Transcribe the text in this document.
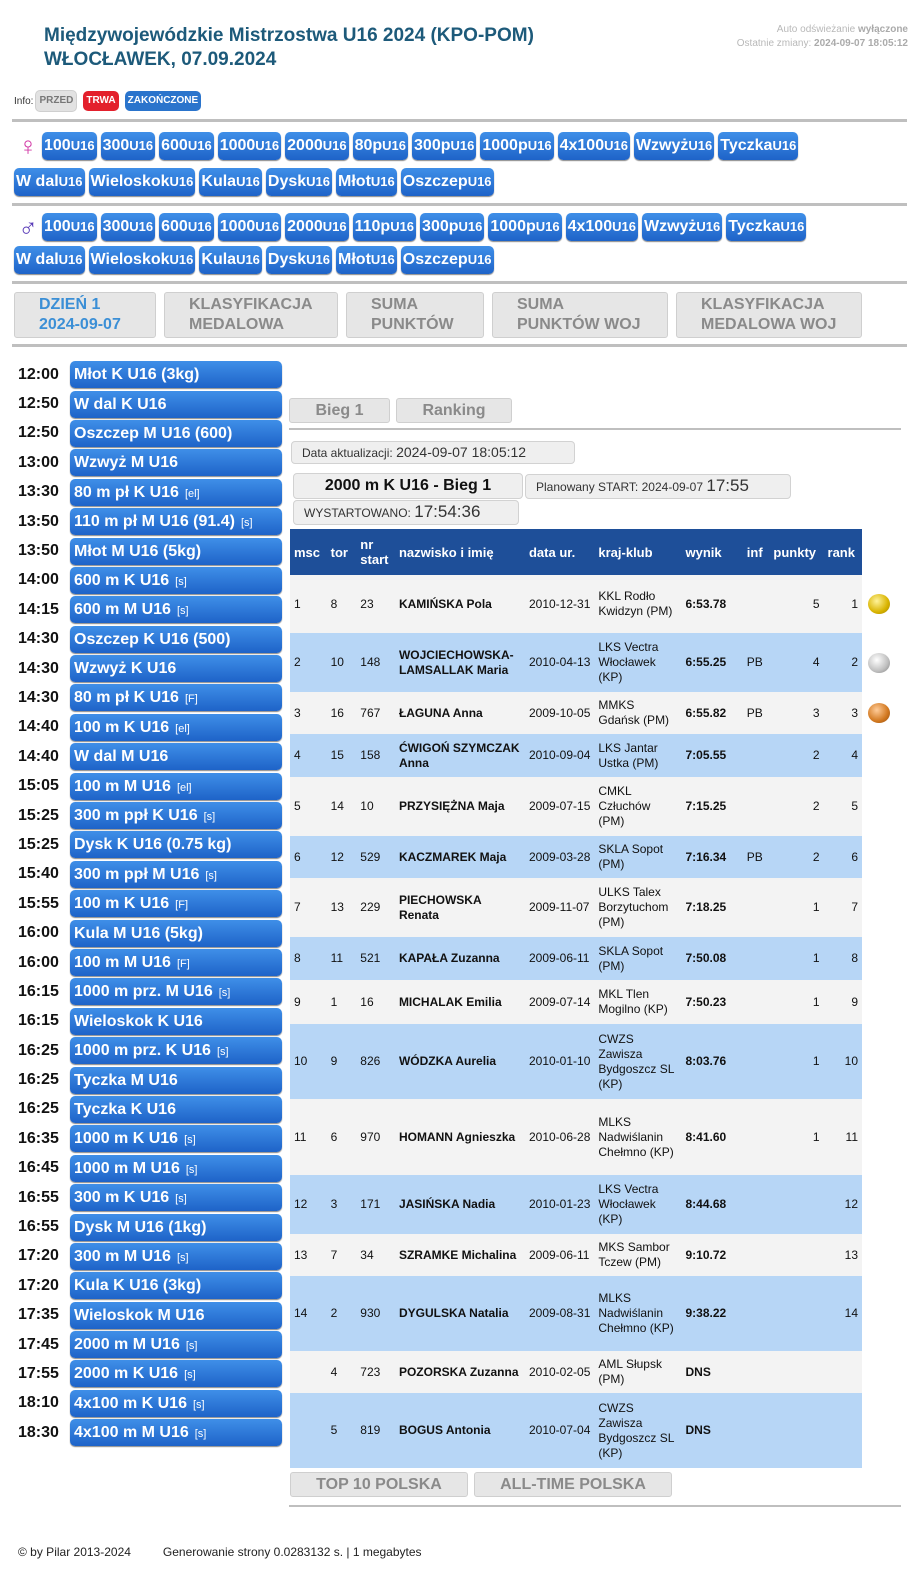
Międzywojewódzkie Mistrzostwa U16 2024 (KPO-POM)
WŁOCŁAWEK, 07.09.2024
Auto odświeżanie wyłączone
Ostatnie zmiany: 2024-09-07 18:05:12
Info: PRZED	TRWA	ZAKOŃCZONE
♀ 100U16 300U16 600U16 1000U16 2000U16 80pU16 300pU16 1000pU16 4x100U16 WzwyżU16 TyczkaU16
W dalU16 WieloskokU16 KulaU16 DyskU16 MłotU16 OszczepU16
♂ 100U16 300U16 600U16 1000U16 2000U16 110pU16 300pU16 1000pU16 4x100U16 WzwyżU16 TyczkaU16
W dalU16 WieloskokU16 KulaU16 DyskU16 MłotU16 OszczepU16
DZIEŃ 1
2024-09-07
KLASYFIKACJA
MEDALOWA
SUMA
PUNKTÓW
SUMA
PUNKTÓW WOJ
KLASYFIKACJA
MEDALOWA WOJ
12:00 Młot K U16 (3kg)
12:50 W dal K U16
12:50 Oszczep M U16 (600)
13:00 Wzwyż M U16
13:30 80 m pł K U16 [el]
13:50 110 m pł M U16 (91.4) [s]
13:50 Młot M U16 (5kg)
14:00 600 m K U16 [s]
14:15 600 m M U16 [s]
14:30 Oszczep K U16 (500)
14:30 Wzwyż K U16
14:30 80 m pł K U16 [F]
14:40 100 m K U16 [el]
14:40 W dal M U16
15:05 100 m M U16 [el]
15:25 300 m ppł K U16 [s]
15:25 Dysk K U16 (0.75 kg)
15:40 300 m ppł M U16 [s]
15:55 100 m K U16 [F]
16:00 Kula M U16 (5kg)
16:00 100 m M U16 [F]
16:15 1000 m prz. M U16 [s]
16:15 Wieloskok K U16
16:25 1000 m prz. K U16 [s]
16:25 Tyczka M U16
16:25 Tyczka K U16
16:35 1000 m K U16 [s]
16:45 1000 m M U16 [s]
16:55 300 m K U16 [s]
16:55 Dysk M U16 (1kg)
17:20 300 m M U16 [s]
17:20 Kula K U16 (3kg)
17:35 Wieloskok M U16
17:45 2000 m M U16 [s]
17:55 2000 m K U16 [s]
18:10 4x100 m K U16 [s]
18:30 4x100 m M U16 [s]
Bieg 1	Ranking
Data aktualizacji: 2024-09-07 18:05:12
2000 m K U16 - Bieg 1	Planowany START: 2024-09-07 17:55
WYSTARTOWANO: 17:54:36
msc	tor	nr start	nazwisko i imię	data ur.	kraj-klub	wynik	inf	punkty	rank
1	8	23	KAMIŃSKA Pola	2010-12-31	KKL Rodło Kwidzyn (PM)	6:53.78		5	1
2	10	148	WOJCIECHOWSKA-LAMSALLAK Maria	2010-04-13	LKS Vectra Włocławek (KP)	6:55.25	PB	4	2
3	16	767	ŁAGUNA Anna	2009-10-05	MMKS Gdańsk (PM)	6:55.82	PB	3	3
4	15	158	ĆWIGOŃ SZYMCZAK Anna	2010-09-04	LKS Jantar Ustka (PM)	7:05.55		2	4
5	14	10	PRZYSIĘŻNA Maja	2009-07-15	CMKL Człuchów (PM)	7:15.25		2	5
6	12	529	KACZMAREK Maja	2009-03-28	SKLA Sopot (PM)	7:16.34	PB	2	6
7	13	229	PIECHOWSKA Renata	2009-11-07	ULKS Talex Borzytuchom (PM)	7:18.25		1	7
8	11	521	KAPAŁA Zuzanna	2009-06-11	SKLA Sopot (PM)	7:50.08		1	8
9	1	16	MICHALAK Emilia	2009-07-14	MKL Tlen Mogilno (KP)	7:50.23		1	9
10	9	826	WÓDZKA Aurelia	2010-01-10	CWZS Zawisza Bydgoszcz SL (KP)	8:03.76		1	10
11	6	970	HOMANN Agnieszka	2010-06-28	MLKS Nadwiślanin Chełmno (KP)	8:41.60		1	11
12	3	171	JASIŃSKA Nadia	2010-01-23	LKS Vectra Włocławek (KP)	8:44.68			12
13	7	34	SZRAMKE Michalina	2009-06-11	MKS Sambor Tczew (PM)	9:10.72			13
14	2	930	DYGULSKA Natalia	2009-08-31	MLKS Nadwiślanin Chełmno (KP)	9:38.22			14
	4	723	POZORSKA Zuzanna	2010-02-05	AML Słupsk (PM)	DNS			
	5	819	BOGUS Antonia	2010-07-04	CWZS Zawisza Bydgoszcz SL (KP)	DNS			
TOP 10 POLSKA	ALL-TIME POLSKA
© by Pilar 2013-2024	Generowanie strony 0.0283132 s. | 1 megabytes
